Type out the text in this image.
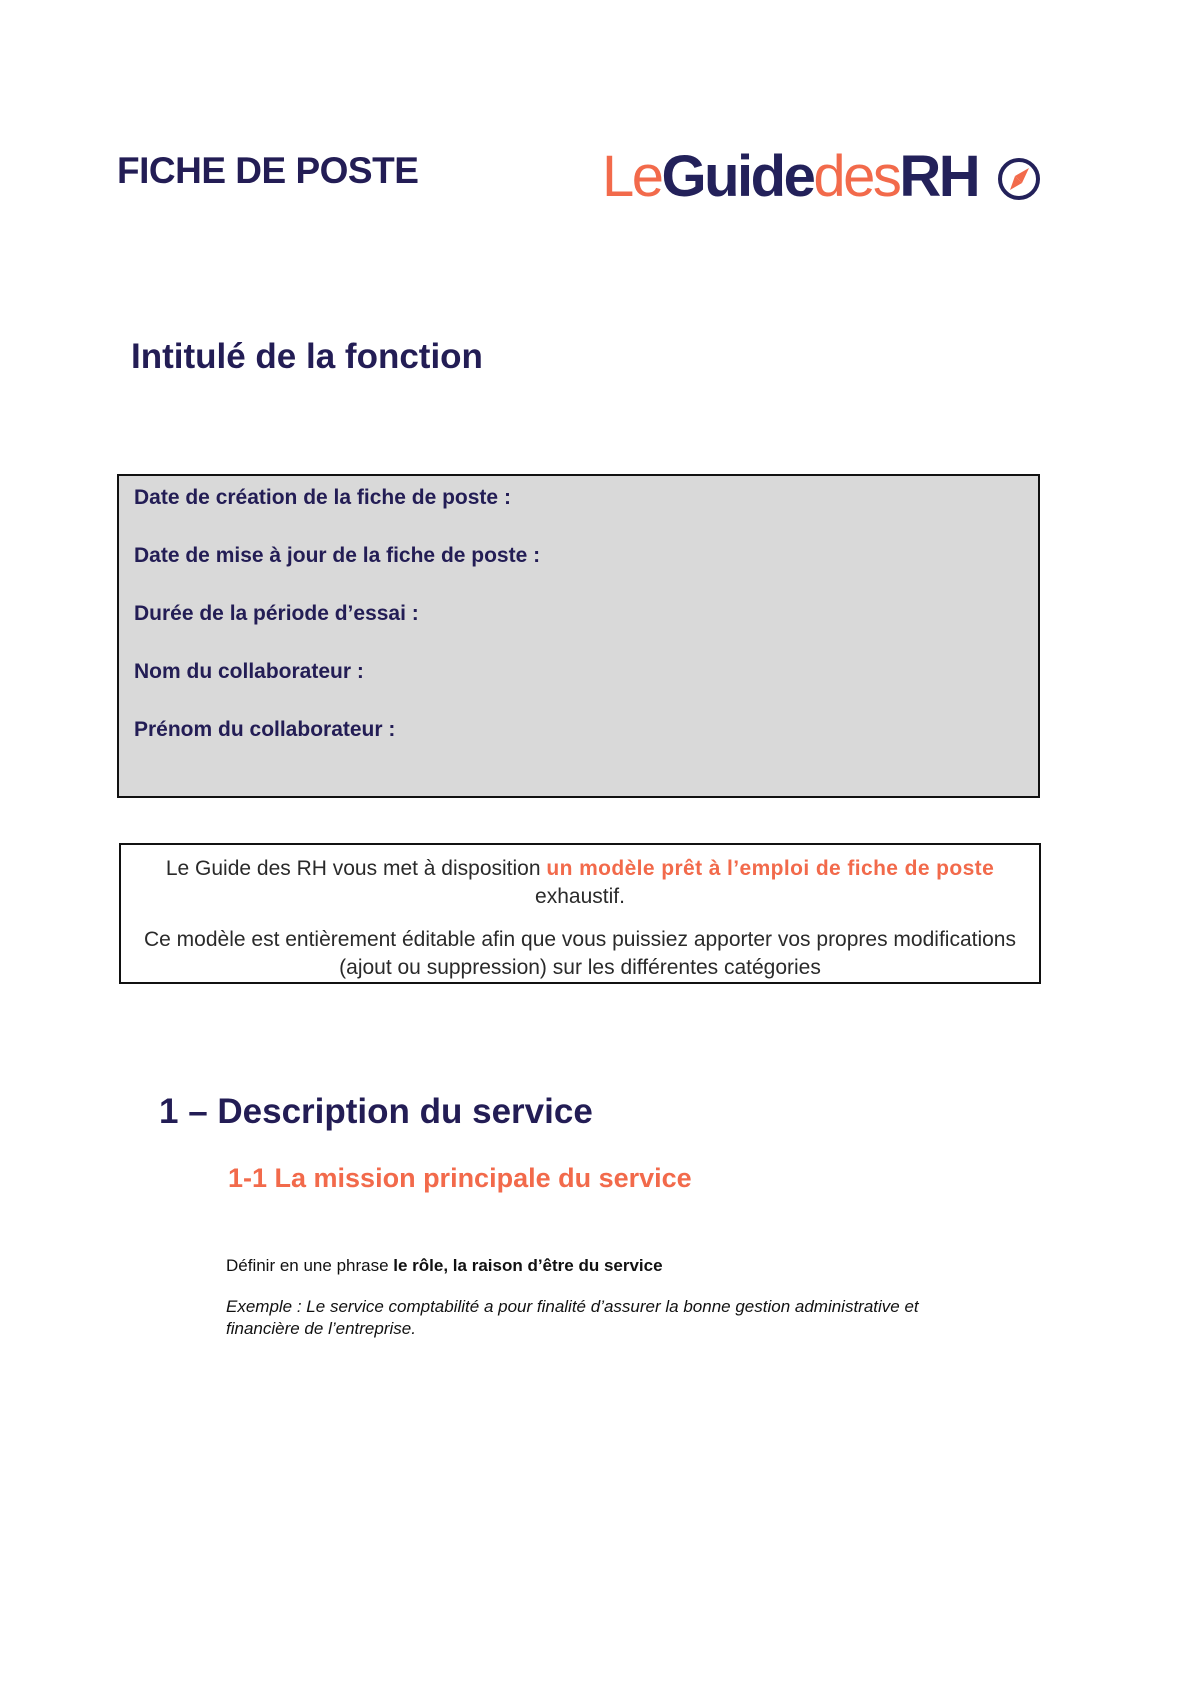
FICHE DE POSTE	Le Guide des RH
Intitulé de la fonction
Date de création de la fiche de poste :
Date de mise à jour de la fiche de poste :
Durée de la période d’essai :
Nom du collaborateur :
Prénom du collaborateur :

Le Guide des RH vous met à disposition un modèle prêt à l’emploi de fiche de poste
exhaustif.

Ce modèle est entièrement éditable afin que vous puissiez apporter vos propres modifications (ajout ou suppression) sur les différentes catégories

1 – Description du service
1-1 La mission principale du service
Définir en une phrase le rôle, la raison d’être du service

Exemple : Le service comptabilité a pour finalité d’assurer la bonne gestion administrative et financière de l’entreprise.
